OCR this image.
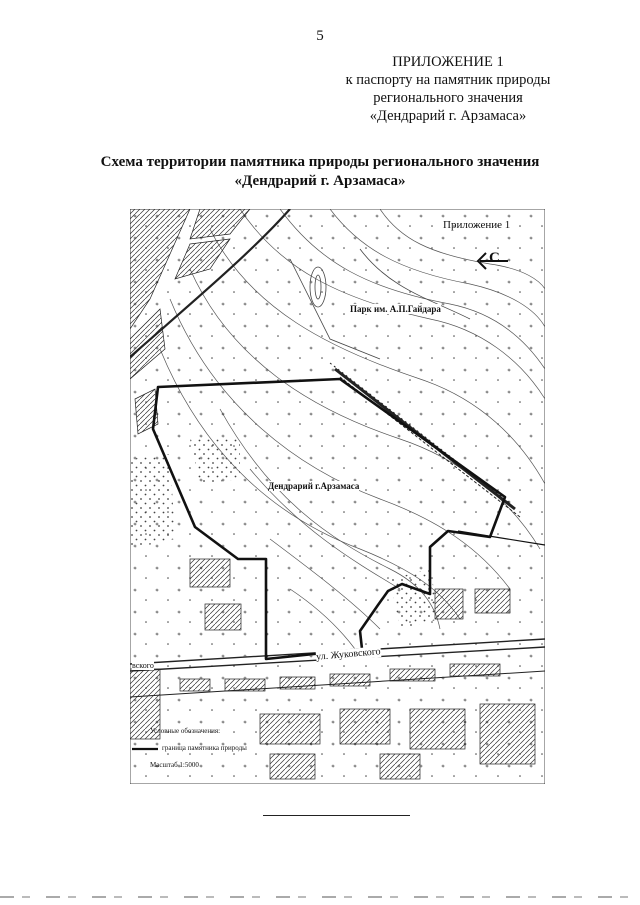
5
ПРИЛОЖЕНИЕ 1
к паспорту на памятник природы
регионального значения
«Дендрарий г. Арзамаса»
Схема территории памятника природы регионального значения
«Дендрарий г. Арзамаса»
Приложение 1
С
Парк им. А.П.Гайдара
Дендрарий г.Арзамаса
ул. Жуковского
вского
Условные обозначения:
граница памятника природы
Масштаб 1:5000
